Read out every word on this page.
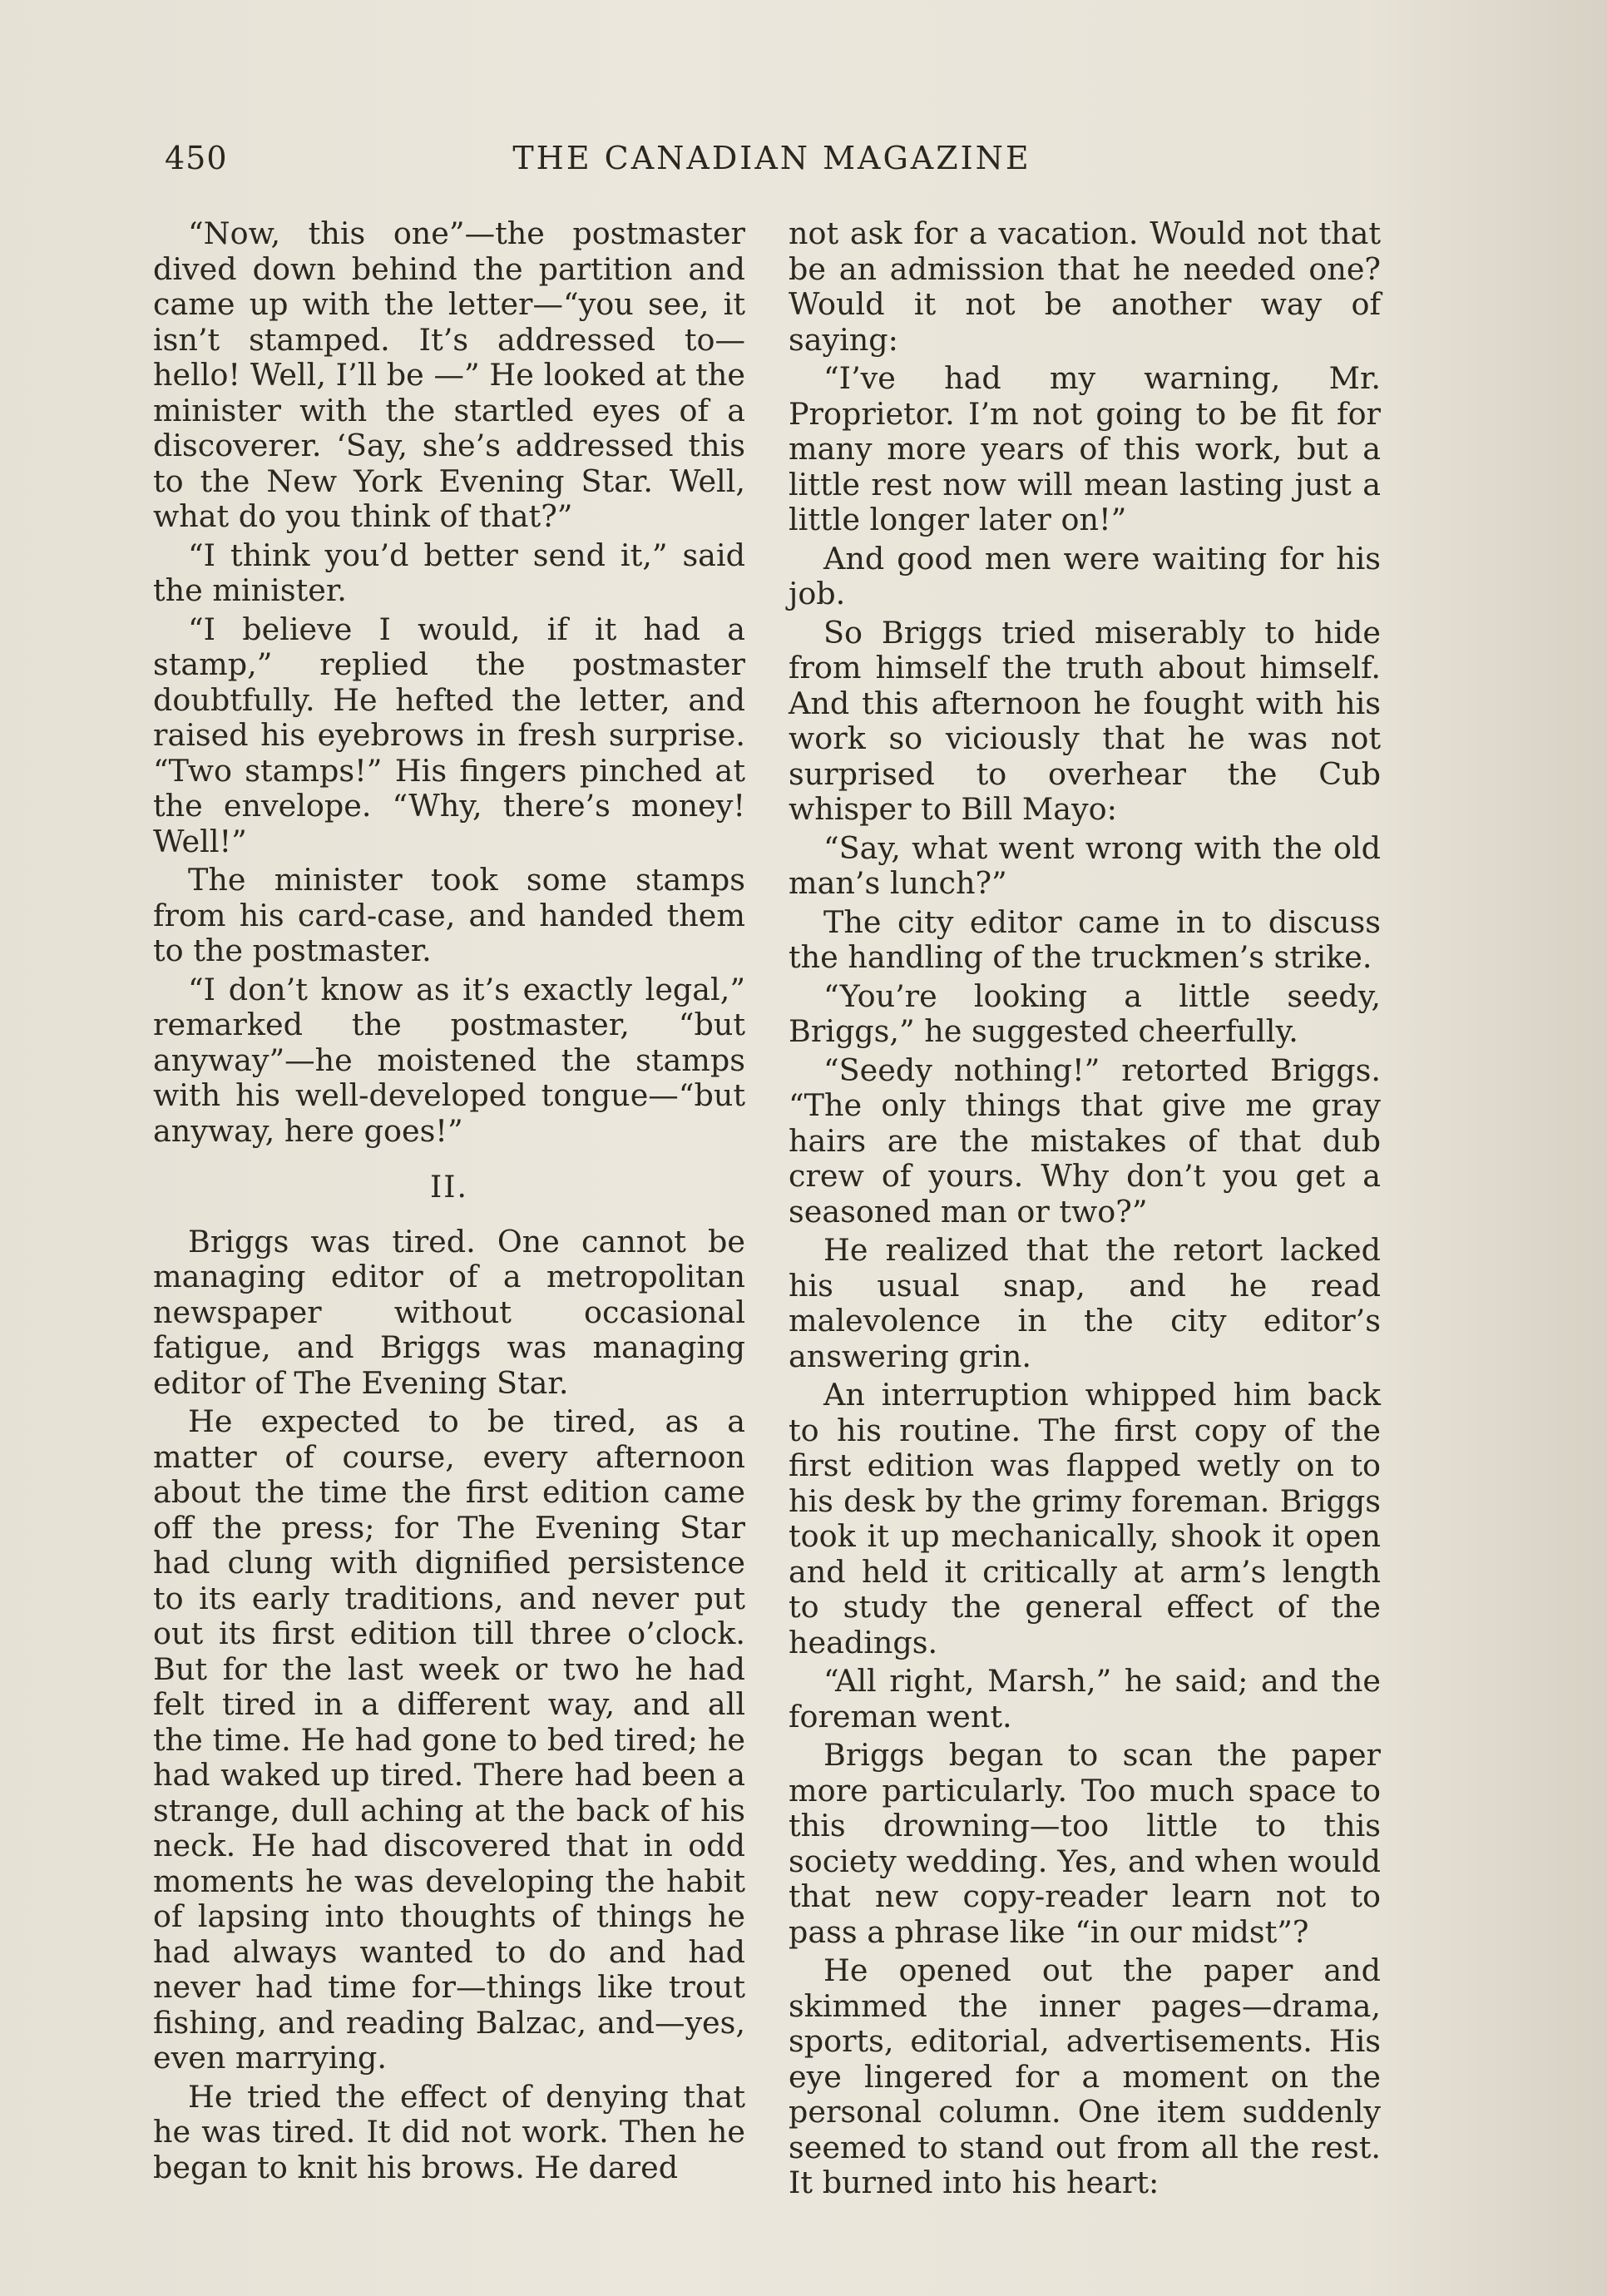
450	THE CANADIAN MAGAZINE

“Now, this one”—the postmaster dived down behind the partition and came up with the letter—“you see, it isn’t stamped. It’s addressed to—hello! Well, I’ll be —” He looked at the minister with the startled eyes of a discoverer. ‘Say, she’s addressed this to the New York Evening Star. Well, what do you think of that?”

“I think you’d better send it,” said the minister.

“I believe I would, if it had a stamp,” replied the postmaster doubtfully. He hefted the letter, and raised his eyebrows in fresh surprise. “Two stamps!” His fingers pinched at the envelope. “Why, there’s money! Well!”

The minister took some stamps from his card-case, and handed them to the postmaster.

“I don’t know as it’s exactly legal,” remarked the postmaster, “but anyway”—he moistened the stamps with his well-developed tongue—“but anyway, here goes!”

II.

Briggs was tired. One cannot be managing editor of a metropolitan newspaper without occasional fatigue, and Briggs was managing editor of The Evening Star.

He expected to be tired, as a matter of course, every afternoon about the time the first edition came off the press; for The Evening Star had clung with dignified persistence to its early traditions, and never put out its first edition till three o’clock. But for the last week or two he had felt tired in a different way, and all the time. He had gone to bed tired; he had waked up tired. There had been a strange, dull aching at the back of his neck. He had discovered that in odd moments he was developing the habit of lapsing into thoughts of things he had always wanted to do and had never had time for—things like trout fishing, and reading Balzac, and—yes, even marrying.

He tried the effect of denying that he was tired. It did not work. Then he began to knit his brows. He dared

not ask for a vacation. Would not that be an admission that he needed one? Would it not be another way of saying:

“I’ve had my warning, Mr. Proprietor. I’m not going to be fit for many more years of this work, but a little rest now will mean lasting just a little longer later on!”

And good men were waiting for his job.

So Briggs tried miserably to hide from himself the truth about himself. And this afternoon he fought with his work so viciously that he was not surprised to overhear the Cub whisper to Bill Mayo:

“Say, what went wrong with the old man’s lunch?”

The city editor came in to discuss the handling of the truckmen’s strike.

“You’re looking a little seedy, Briggs,” he suggested cheerfully.

“Seedy nothing!” retorted Briggs. “The only things that give me gray hairs are the mistakes of that dub crew of yours. Why don’t you get a seasoned man or two?”

He realized that the retort lacked his usual snap, and he read malevolence in the city editor’s answering grin.

An interruption whipped him back to his routine. The first copy of the first edition was flapped wetly on to his desk by the grimy foreman. Briggs took it up mechanically, shook it open and held it critically at arm’s length to study the general effect of the headings.

“All right, Marsh,” he said; and the foreman went.

Briggs began to scan the paper more particularly. Too much space to this drowning—too little to this society wedding. Yes, and when would that new copy-reader learn not to pass a phrase like “in our midst”?

He opened out the paper and skimmed the inner pages—drama, sports, editorial, advertisements. His eye lingered for a moment on the personal column. One item suddenly seemed to stand out from all the rest. It burned into his heart:
